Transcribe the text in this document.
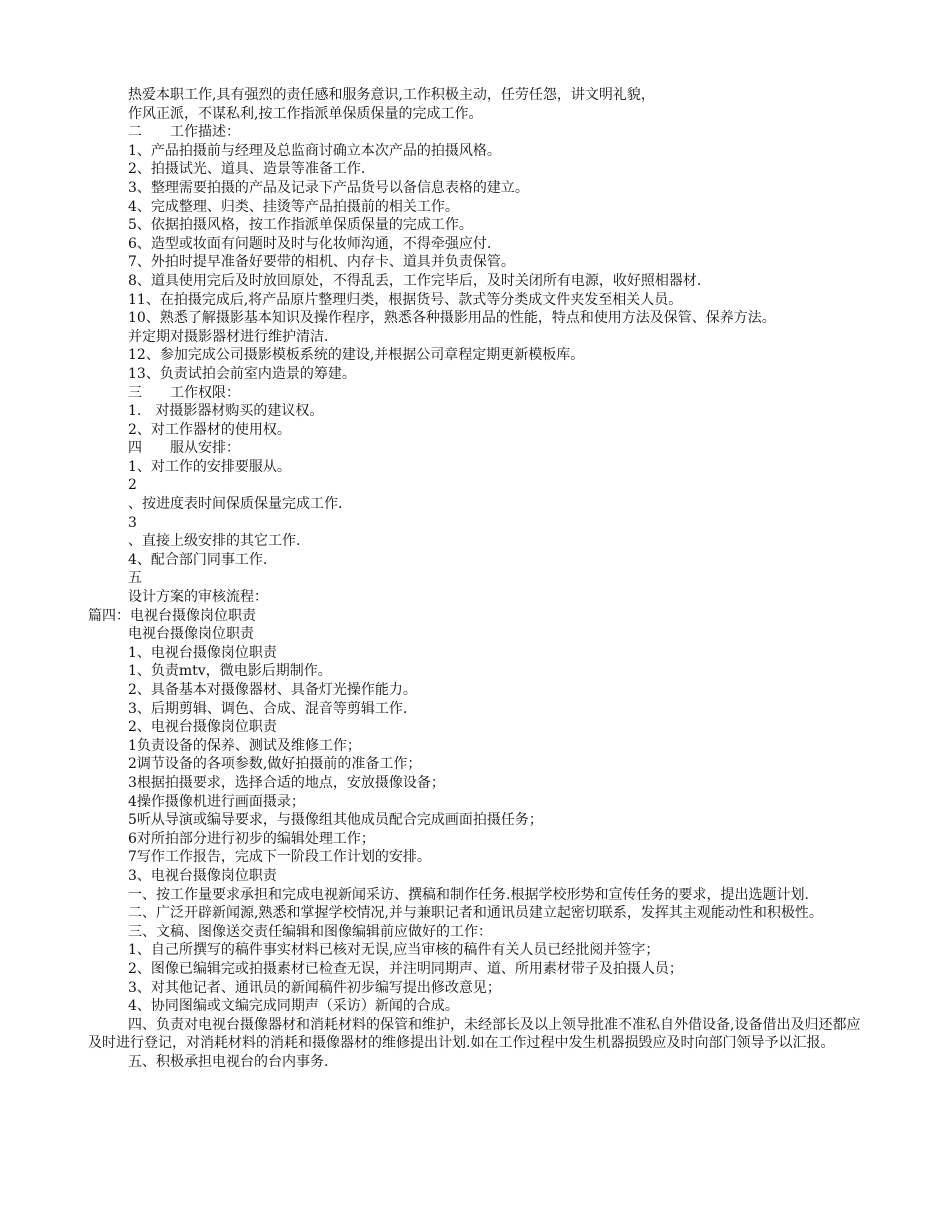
热爱本职工作,具有强烈的责任感和服务意识,工作积极主动，任劳任怨，讲文明礼貌，

作风正派，不谋私利,按工作指派单保质保量的完成工作。

二　　工作描述：

1、产品拍摄前与经理及总监商讨确立本次产品的拍摄风格。

2、拍摄试光、道具、造景等准备工作.

3、整理需要拍摄的产品及记录下产品货号以备信息表格的建立。

4、完成整理、归类、挂烫等产品拍摄前的相关工作。

5、依据拍摄风格，按工作指派单保质保量的完成工作。

6、造型或妆面有问题时及时与化妆师沟通，不得牵强应付.

7、外拍时提早准备好要带的相机、内存卡、道具并负责保管。

8、道具使用完后及时放回原处，不得乱丢，工作完毕后，及时关闭所有电源，收好照相器材.

11、在拍摄完成后,将产品原片整理归类，根据货号、款式等分类成文件夹发至相关人员。

10、熟悉了解摄影基本知识及操作程序，熟悉各种摄影用品的性能，特点和使用方法及保管、保养方法。

并定期对摄影器材进行维护清洁.

12、参加完成公司摄影模板系统的建设,并根据公司章程定期更新模板库。

13、负责试拍会前室内造景的筹建。

三　　工作权限：

1.　对摄影器材购买的建议权。

2、对工作器材的使用权。

四　　服从安排：

1、对工作的安排要服从。

2

、按进度表时间保质保量完成工作.

3

、直接上级安排的其它工作.

4、配合部门同事工作.

五

设计方案的审核流程：

篇四：电视台摄像岗位职责

电视台摄像岗位职责

1、电视台摄像岗位职责

1、负责mtv，微电影后期制作。

2、具备基本对摄像器材、具备灯光操作能力。

3、后期剪辑、调色、合成、混音等剪辑工作.

2、电视台摄像岗位职责

1负责设备的保养、测试及维修工作；

2调节设备的各项参数,做好拍摄前的准备工作；

3根据拍摄要求，选择合适的地点，安放摄像设备；

4操作摄像机进行画面摄录；

5听从导演或编导要求，与摄像组其他成员配合完成画面拍摄任务；

6对所拍部分进行初步的编辑处理工作；

7写作工作报告，完成下一阶段工作计划的安排。

3、电视台摄像岗位职责

一、按工作量要求承担和完成电视新闻采访、撰稿和制作任务.根据学校形势和宣传任务的要求，提出选题计划.

二、广泛开辟新闻源,熟悉和掌握学校情况,并与兼职记者和通讯员建立起密切联系，发挥其主观能动性和积极性。

三、文稿、图像送交责任编辑和图像编辑前应做好的工作：

1、自己所撰写的稿件事实材料已核对无误,应当审核的稿件有关人员已经批阅并签字；

2、图像已编辑完或拍摄素材已检查无误，并注明同期声、道、所用素材带子及拍摄人员；

3、对其他记者、通讯员的新闻稿件初步编写提出修改意见；

4、协同图编或文编完成同期声（采访）新闻的合成。

四、负责对电视台摄像器材和消耗材料的保管和维护，未经部长及以上领导批准不准私自外借设备,设备借出及归还都应及时进行登记，对消耗材料的消耗和摄像器材的维修提出计划.如在工作过程中发生机器损毁应及时向部门领导予以汇报。

五、积极承担电视台的台内事务.
